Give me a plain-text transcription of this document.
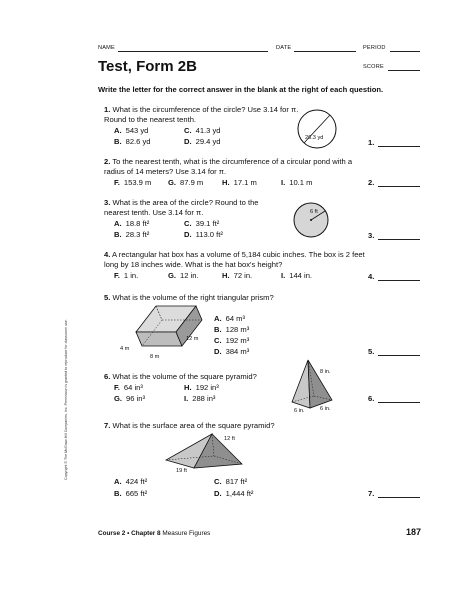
NAME	DATE	PERIOD
Test, Form 2B	SCORE
Write the letter for the correct answer in the blank at the right of each question.
1. What is the circumference of the circle? Use 3.14 for π. Round to the nearest tenth.
A. 543 yd	C. 41.3 yd
B. 82.6 yd	D. 29.4 yd	26.3 yd	1.
2. To the nearest tenth, what is the circumference of a circular pond with a radius of 14 meters? Use 3.14 for π.
F. 153.9 m G. 87.9 m H. 17.1 m	I. 10.1 m	2.
3. What is the area of the circle? Round to the nearest tenth. Use 3.14 for π.
A. 18.8 ft²	C. 39.1 ft²
B. 28.3 ft²	D. 113.0 ft²
6 ft
3.
4. A rectangular hat box has a volume of 5,184 cubic inches. The box is 2 feet long by 18 inches wide. What is the hat box's height?
F. 1 in.	G. 12 in.	H. 72 in.	I. 144 in.	4.
5. What is the volume of the right triangular prism?
12 m
4 m
8 m
A. 64 m³
B. 128 m³
C. 192 m³
D. 384 m³	5.
6. What is the volume of the square pyramid?
F. 64 in³	H. 192 in³
G. 96 in³	I. 288 in³
8 in.
6 in.
6 in.
6.
7. What is the surface area of the square pyramid?
12 ft
19 ft
A. 424 ft²	C. 817 ft²
B. 665 ft²	D. 1,444 ft²	7.
Copyright © The McGraw-Hill Companies, Inc. Permission is granted to reproduce for classroom use.
Course 2 • Chapter 8 Measure Figures	187
